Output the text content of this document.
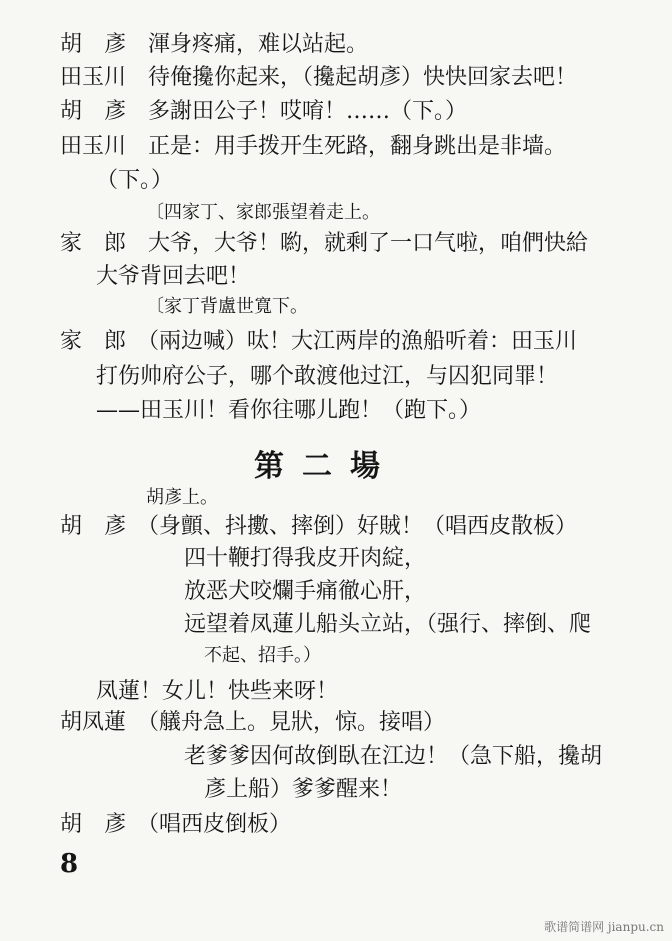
胡　彥　渾身疼痛，难以站起。
田玉川　待俺攙你起来，（攙起胡彥）快快回家去吧！
胡　彥　多謝田公子！哎唷！……（下。）
田玉川　正是：用手拨开生死路，翻身跳出是非墙。
（下。）
〔四家丁、家郎張望着走上。
家　郎　大爷，大爷！喲，就剩了一口气啦，咱們快給
大爷背回去吧！
〔家丁背盧世寬下。
家　郎　（兩边喊）呔！大江两岸的漁船听着：田玉川
打伤帅府公子，哪个敢渡他过江，与囚犯同罪！
——田玉川！看你往哪儿跑！（跑下。）
第二場
胡彥上。
胡　彥　（身顫、抖擻、摔倒）好賊！（唱西皮散板）
四十鞭打得我皮开肉綻，
放恶犬咬爛手痛徹心肝，
远望着凤蓮儿船头立站，（强行、摔倒、爬
不起、招手。）
凤蓮！女儿！快些来呀！
胡凤蓮　（艤舟急上。見狀，惊。接唱）
老爹爹因何故倒臥在江边！（急下船，攙胡
彥上船）爹爹醒来！
胡　彥　（唱西皮倒板）
8
歌谱简谱网 jianpu.cn
